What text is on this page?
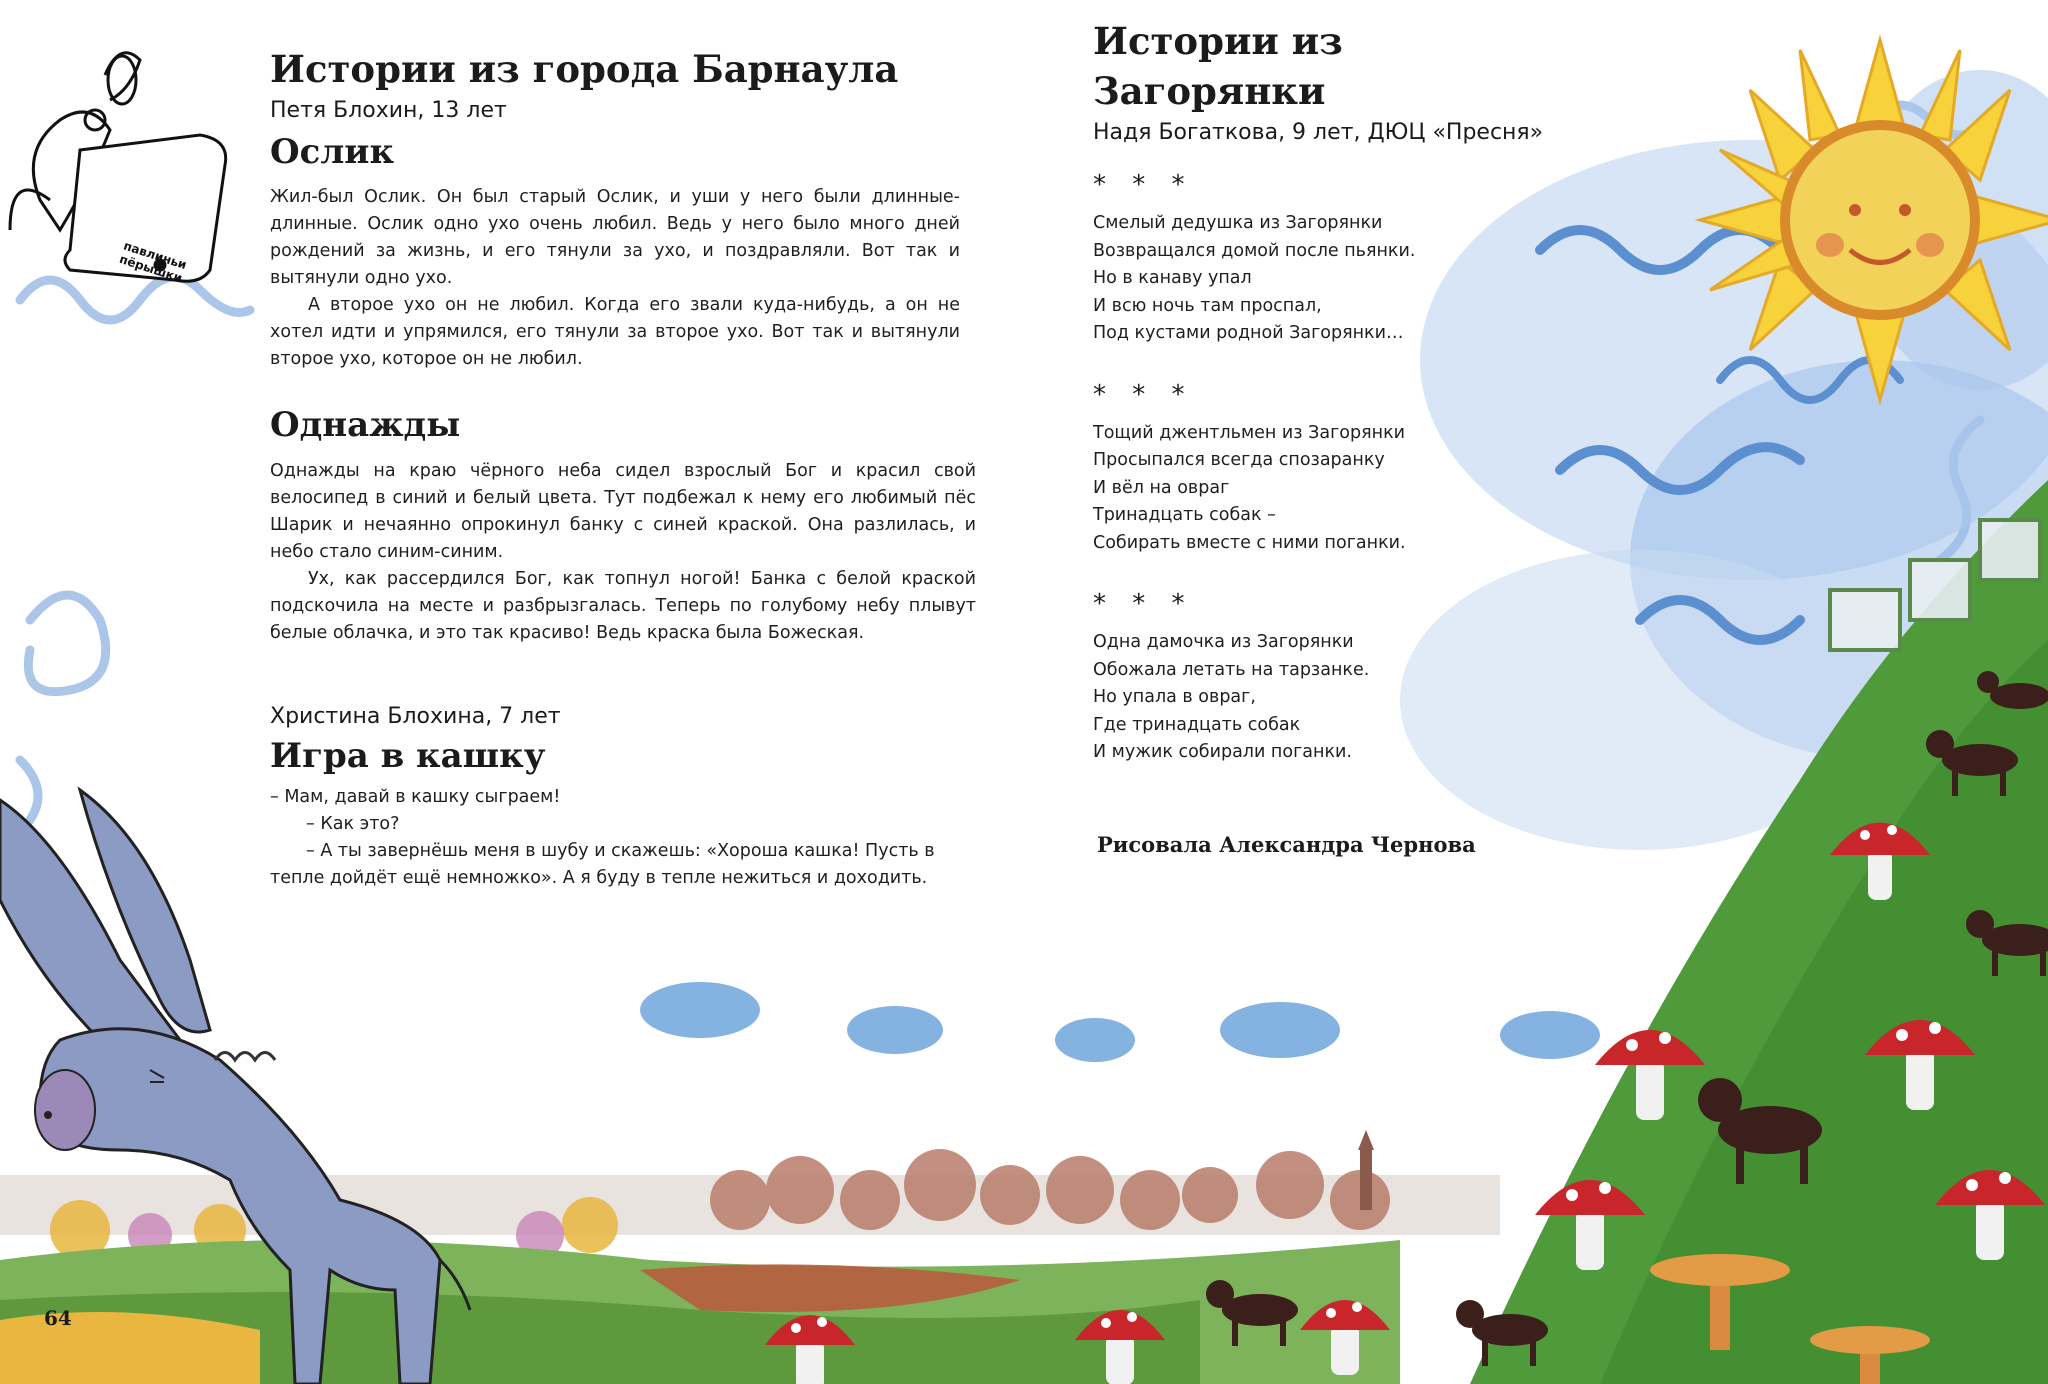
павлиньи пёрышки
Истории из города Барнаула

Петя Блохин, 13 лет

Ослик

Жил-был Ослик. Он был старый Ослик, и уши у него были длинные-длинные. Ослик одно ухо очень любил. Ведь у него было много дней рождений за жизнь, и его тянули за ухо, и поздравляли. Вот так и вытянули одно ухо.

А второе ухо он не любил. Когда его звали куда-нибудь, а он не хотел идти и упрямился, его тянули за второе ухо. Вот так и вытянули второе ухо, которое он не любил.

Однажды

Однажды на краю чёрного неба сидел взрослый Бог и красил свой велосипед в синий и белый цвета. Тут подбежал к нему его любимый пёс Шарик и нечаянно опрокинул банку с синей краской. Она разлилась, и небо стало синим-синим.

Ух, как рассердился Бог, как топнул ногой! Банка с белой краской подскочила на месте и разбрызгалась. Теперь по голубому небу плывут белые облачка, и это так красиво! Ведь краска была Божеская.

Христина Блохина, 7 лет

Игра в кашку

– Мам, давай в кашку сыграем!

– Как это?

– А ты завернёшь меня в шубу и скажешь: «Хороша кашка! Пусть в тепле дойдёт ещё немножко». А я буду в тепле нежиться и доходить.

64

Истории из Загорянки

Надя Богаткова, 9 лет, ДЮЦ «Пресня»

* * *

Смелый дедушка из Загорянки

Возвращался домой после пьянки.

Но в канаву упал

И всю ночь там проспал,

Под кустами родной Загорянки…

* * *

Тощий джентльмен из Загорянки

Просыпался всегда спозаранку

И вёл на овраг

Тринадцать собак –

Собирать вместе с ними поганки.

* * *

Одна дамочка из Загорянки

Обожала летать на тарзанке.

Но упала в овраг,

Где тринадцать собак

И мужик собирали поганки.

Рисовала Александра Чернова
